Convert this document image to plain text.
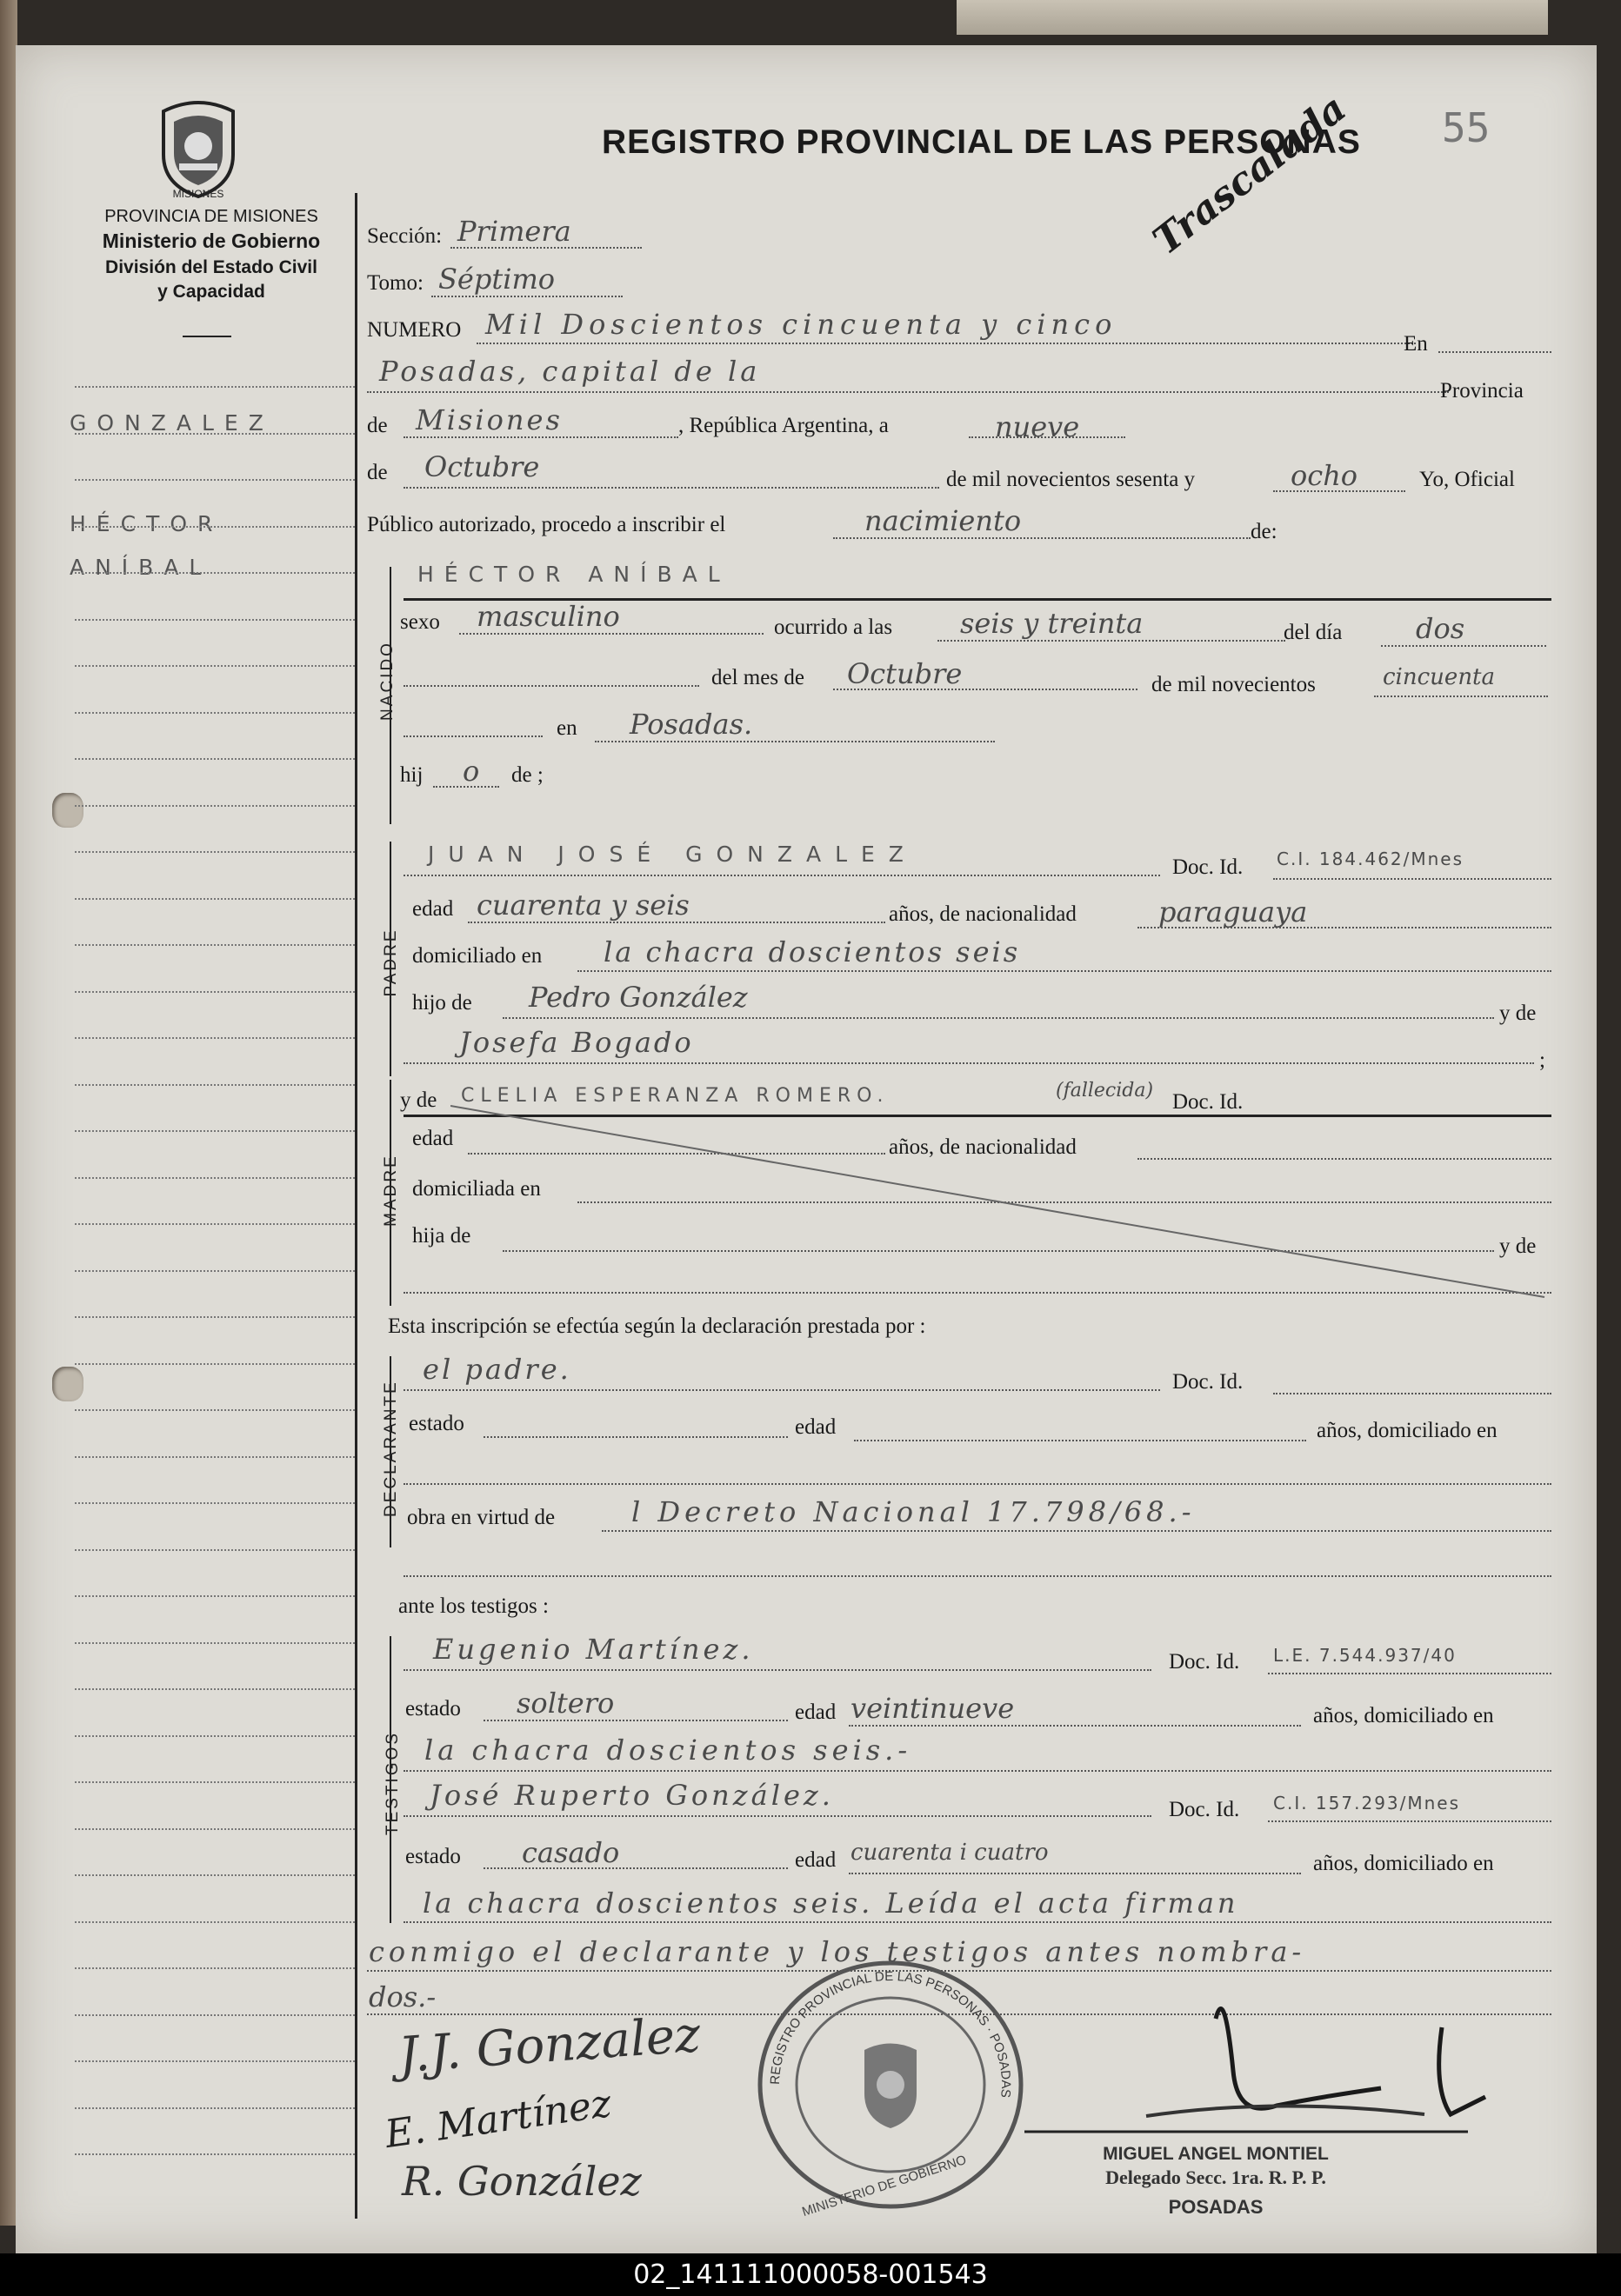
MISIONES
PROVINCIA DE MISIONES
Ministerio de Gobierno
División del Estado Civil
y Capacidad
REGISTRO PROVINCIAL DE LAS PERSONAS 55
Trascalada
GONZALEZ
HÉCTOR
ANÍBAL
Sección: Primera
Tomo: Séptimo
NUMERO Mil Doscientos cincuenta y cinco
En
Posadas, capital de la
Provincia
de Misiones	, República Argentina, a	nueve
de Octubre	de mil novecientos sesenta y	ocho	Yo, Oficial
Público autorizado, procedo a inscribir el	nacimiento	de:
NACIDO
HÉCTOR ANÍBAL
sexo masculino	ocurrido a las seis y treinta	del día	dos
del mes de Octubre	de mil novecientos	cincuenta
en Posadas.
hij o de ;
PADRE
JUAN JOSÉ GONZALEZ
Doc. Id. C.I. 184.462/Mnes
edad cuarenta y seis	años, de nacionalidad	paraguaya
domiciliado en la chacra doscientos seis
hijo de Pedro González	y de
Josefa Bogado
;
MADRE
y de CLELIA ESPERANZA ROMERO.	(fallecida) Doc. Id.
edad	años, de nacionalidad
domiciliada en
hija de	y de
Esta inscripción se efectúa según la declaración prestada por :
DECLARANTE
el padre.	Doc. Id.
estado	edad	años, domiciliado en
obra en virtud de	l Decreto Nacional 17.798/68.-
ante los testigos :
TESTIGOS
Eugenio Martínez.	Doc. Id. L.E. 7.544.937/40
estado soltero	edad veintinueve	años, domiciliado en
la chacra doscientos seis.-
José Ruperto González.	Doc. Id. C.I. 157.293/Mnes
estado casado	edad cuarenta i cuatro	años, domiciliado en
la chacra doscientos seis. Leída el acta firman
conmigo el declarante y los testigos antes nombra-
dos.-
J.J. Gonzalez
E. Martínez
R. González
REGISTRO PROVINCIAL DE LAS PERSONAS · POSADAS
MINISTERIO DE GOBIERNO	MIGUEL ANGEL MONTIEL
Delegado Secc. 1ra. R. P. P.
POSADAS
02_141111000058-001543
